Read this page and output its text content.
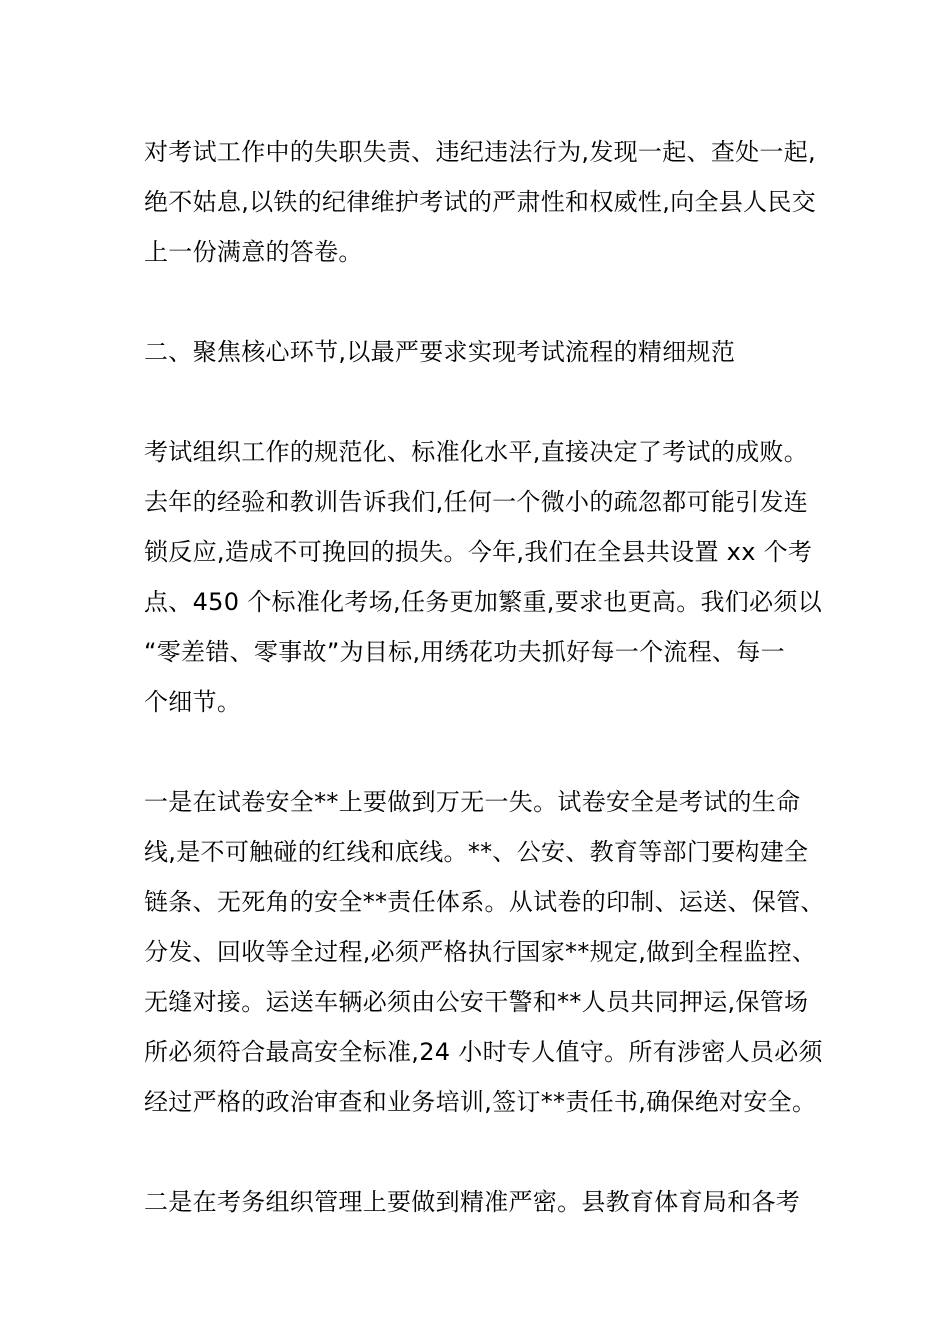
对考试工作中的失职失责、违纪违法行为,发现一起、查处一起,
绝不姑息,以铁的纪律维护考试的严肃性和权威性,向全县人民交
上一份满意的答卷。
二、聚焦核心环节,以最严要求实现考试流程的精细规范
考试组织工作的规范化、标准化水平,直接决定了考试的成败。
去年的经验和教训告诉我们,任何一个微小的疏忽都可能引发连
锁反应,造成不可挽回的损失。今年,我们在全县共设置 xx 个考
点、450 个标准化考场,任务更加繁重,要求也更高。我们必须以
“零差错、零事故”为目标,用绣花功夫抓好每一个流程、每一
个细节。
一是在试卷安全**上要做到万无一失。试卷安全是考试的生命
线,是不可触碰的红线和底线。**、公安、教育等部门要构建全
链条、无死角的安全**责任体系。从试卷的印制、运送、保管、
分发、回收等全过程,必须严格执行国家**规定,做到全程监控、
无缝对接。运送车辆必须由公安干警和**人员共同押运,保管场
所必须符合最高安全标准,24 小时专人值守。所有涉密人员必须
经过严格的政治审查和业务培训,签订**责任书,确保绝对安全。
二是在考务组织管理上要做到精准严密。县教育体育局和各考
